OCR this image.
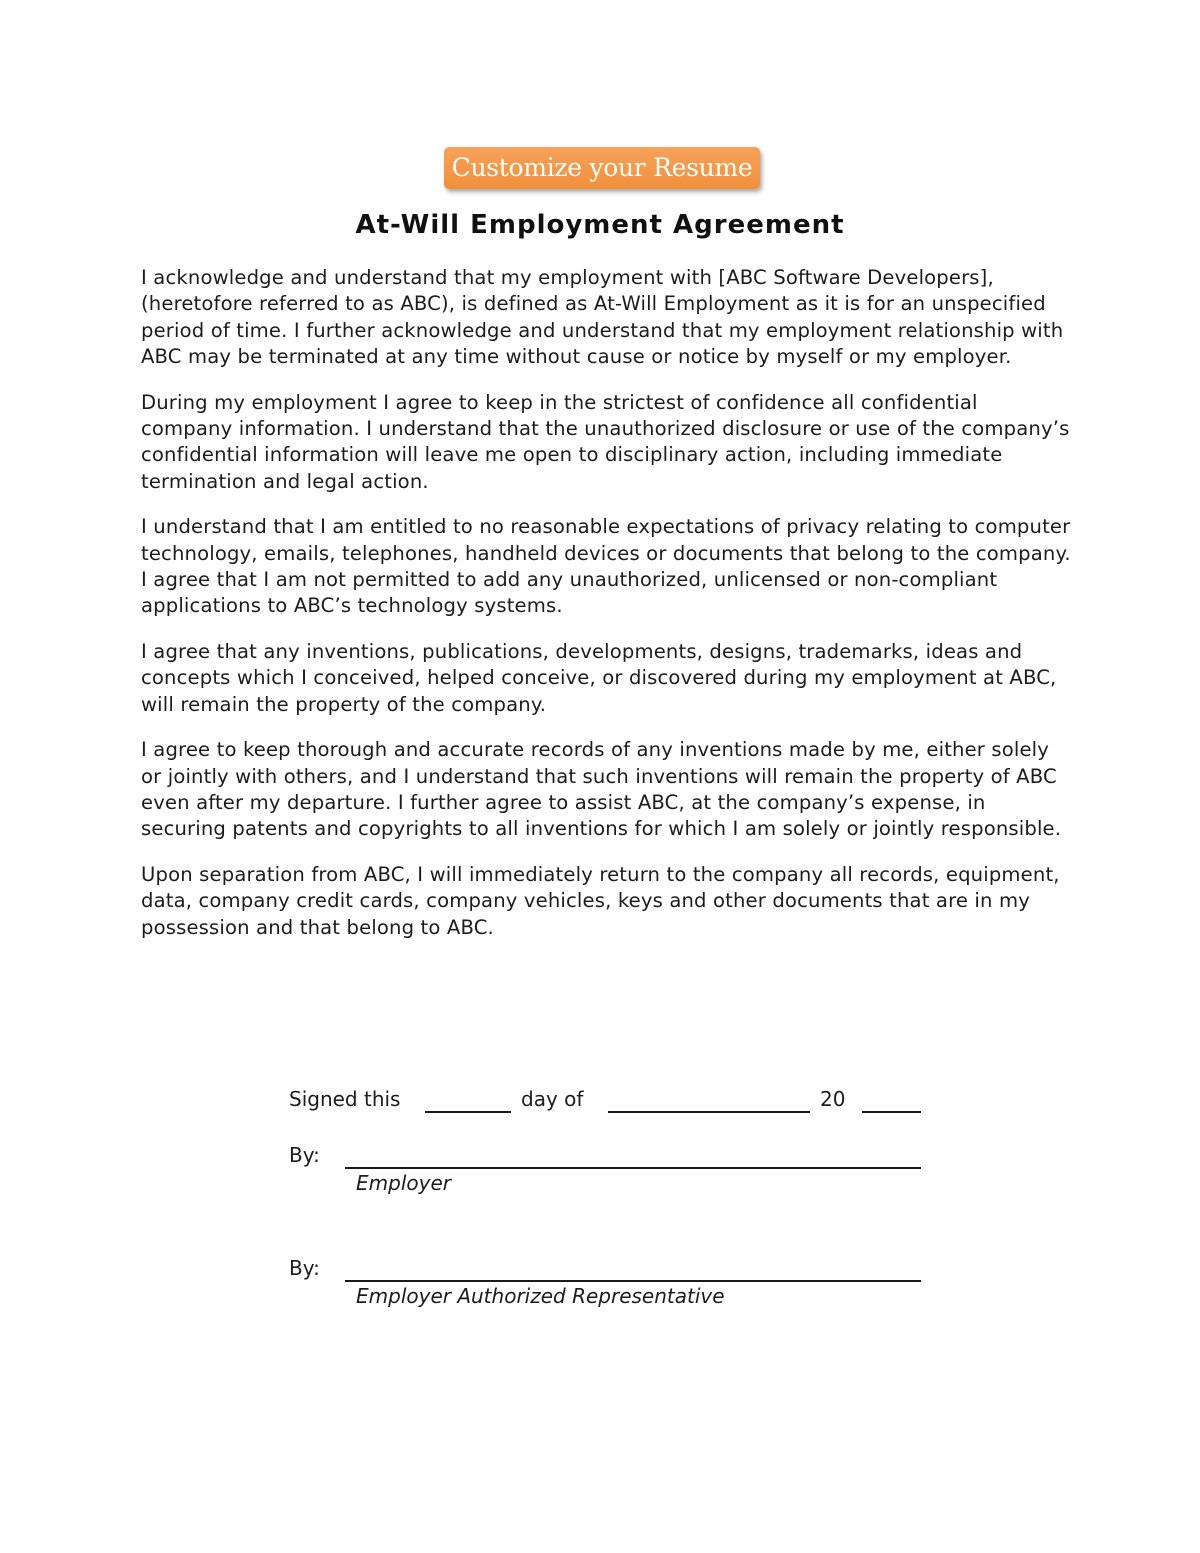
Customize your Resume
At-Will Employment Agreement

I acknowledge and understand that my employment with [ABC Software Developers], (heretofore referred to as ABC), is defined as At-Will Employment as it is for an unspecified period of time. I further acknowledge and understand that my employment relationship with ABC may be terminated at any time without cause or notice by myself or my employer.

During my employment I agree to keep in the strictest of confidence all confidential company information. I understand that the unauthorized disclosure or use of the company’s confidential information will leave me open to disciplinary action, including immediate termination and legal action.

I understand that I am entitled to no reasonable expectations of privacy relating to computer technology, emails, telephones, handheld devices or documents that belong to the company. I agree that I am not permitted to add any unauthorized, unlicensed or non-compliant applications to ABC’s technology systems.

I agree that any inventions, publications, developments, designs, trademarks, ideas and concepts which I conceived, helped conceive, or discovered during my employment at ABC, will remain the property of the company.

I agree to keep thorough and accurate records of any inventions made by me, either solely or jointly with others, and I understand that such inventions will remain the property of ABC even after my departure. I further agree to assist ABC, at the company’s expense, in securing patents and copyrights to all inventions for which I am solely or jointly responsible.

Upon separation from ABC, I will immediately return to the company all records, equipment, data, company credit cards, company vehicles, keys and other documents that are in my possession and that belong to ABC.

Signed this	day of	20
By:
Employer
By:
Employer Authorized Representative
